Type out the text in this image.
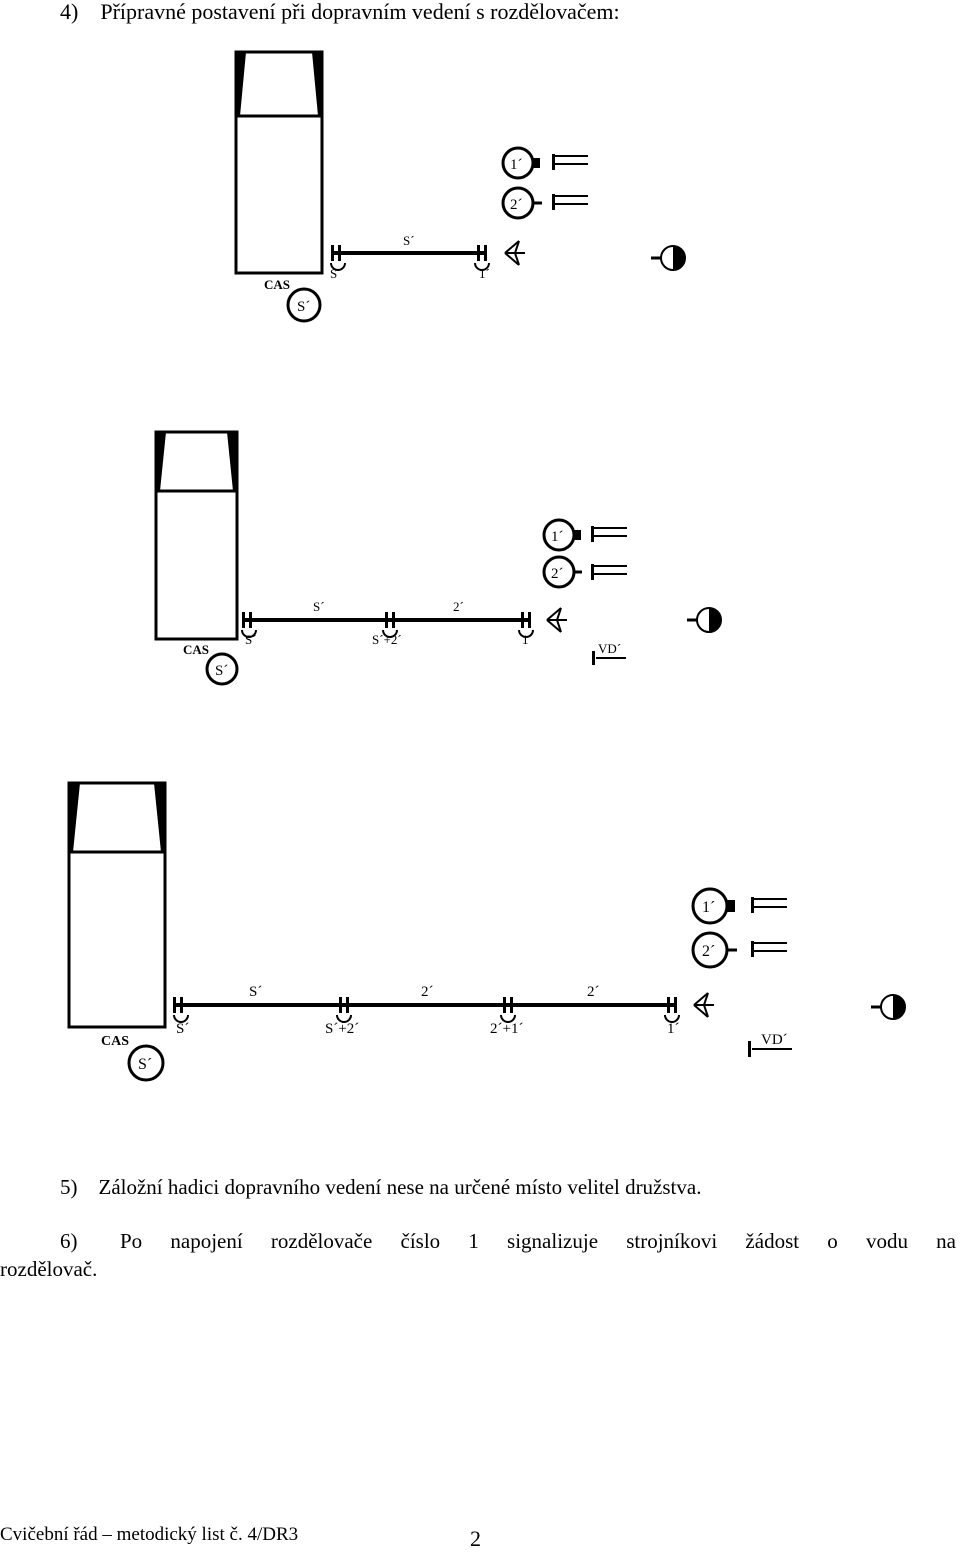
4) Přípravné postavení při dopravním vedení s rozdělovačem:
CAS
S´
S´
S´	1´
1´
2´
CAS
S´
S´	2´
S´	S´+2´	1´
1´
2´
VD´
CAS
S´
S´	2´	2´
S´	S´+2´	2´+1´	1´
1´
2´
VD´
5) Záložní hadici dopravního vedení nese na určené místo velitel družstva.
6)	Po napojení rozdělovače číslo 1 signalizuje strojníkovi žádost o vodu na
rozdělovač.
Cvičební řád – metodický list č. 4/DR3	2
